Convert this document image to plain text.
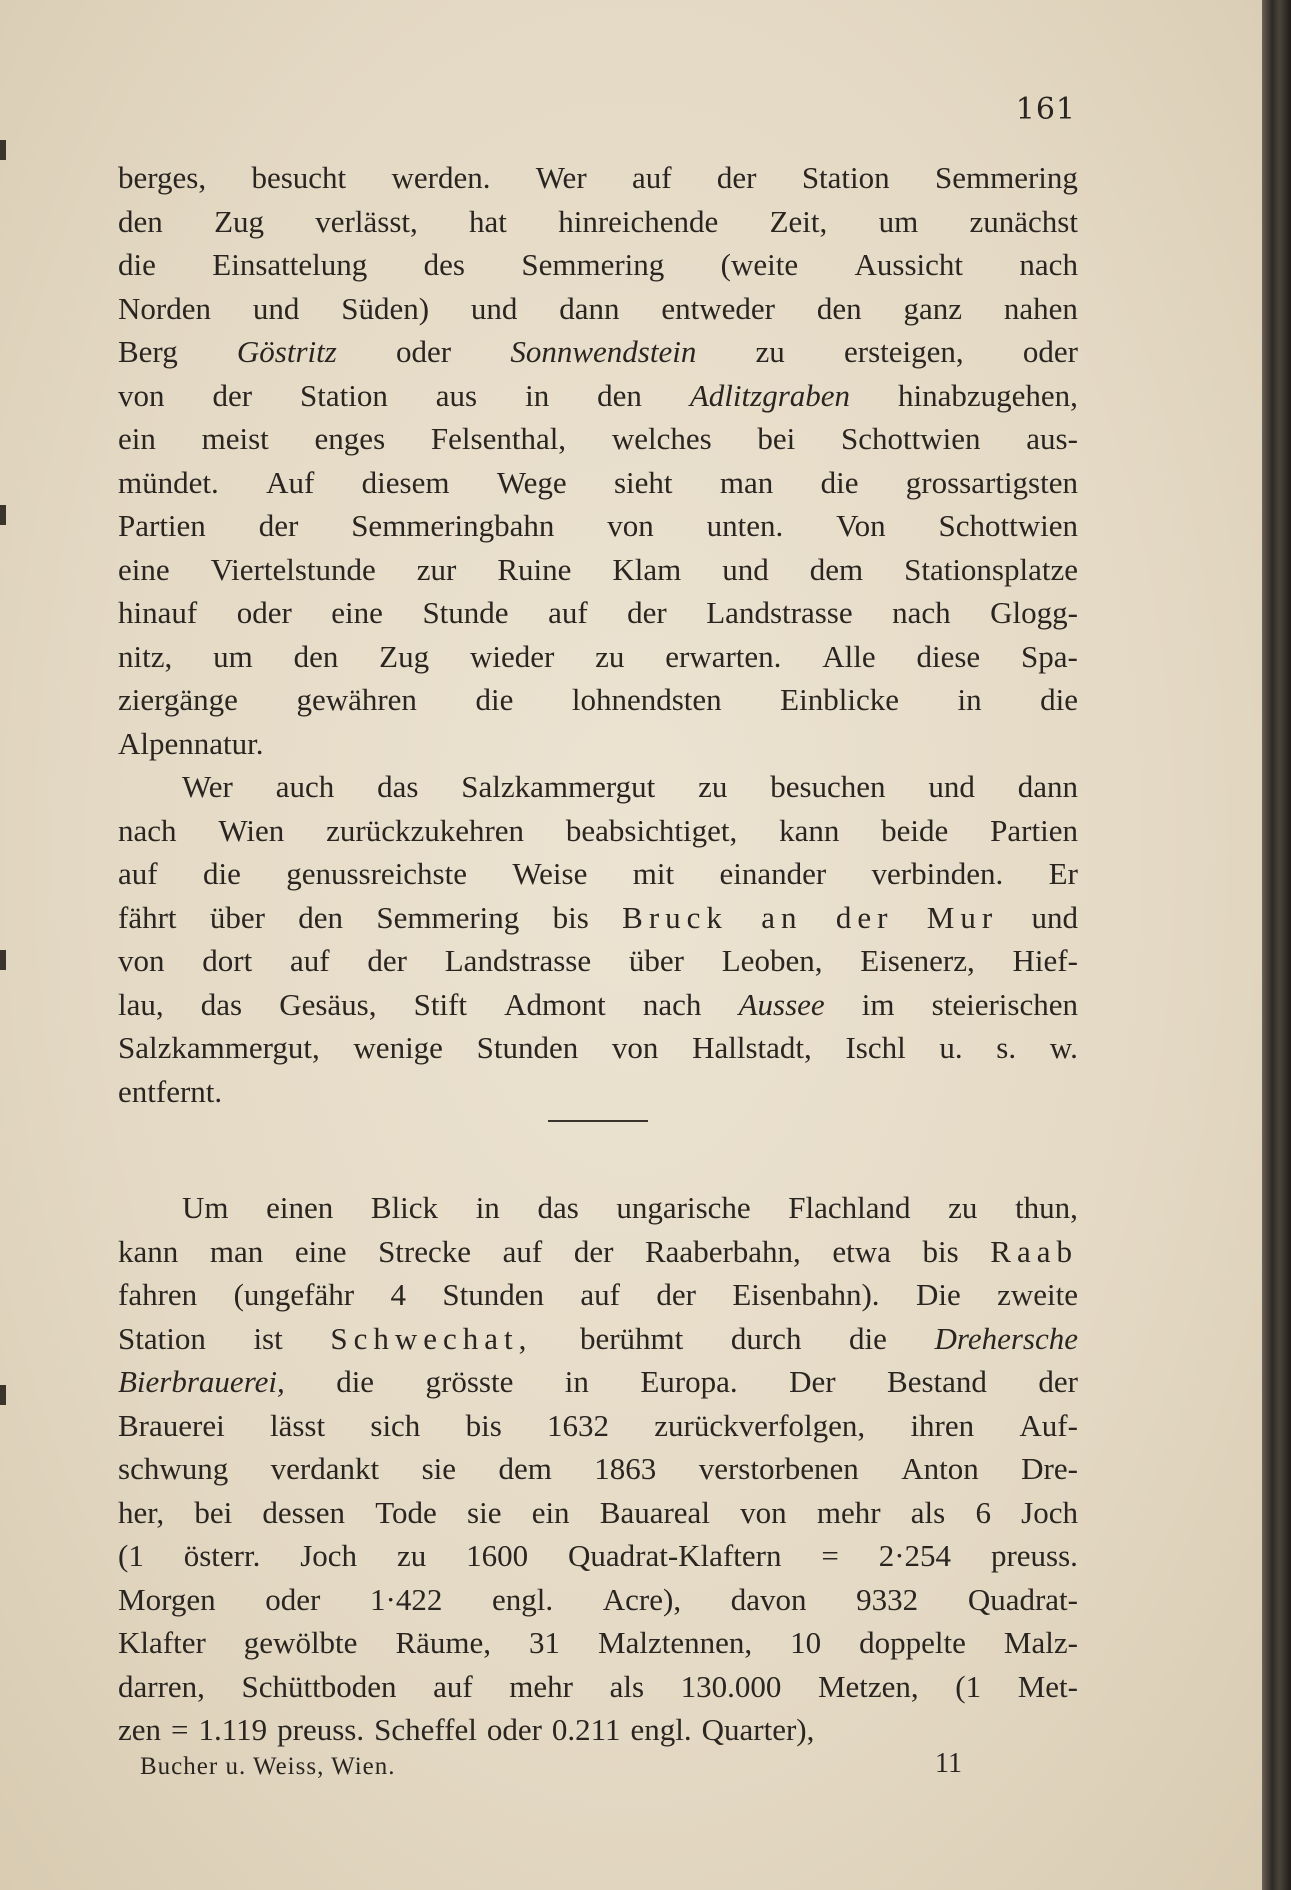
161
berges, besucht werden. Wer auf der Station Semmering
den Zug verlässt, hat hinreichende Zeit, um zunächst
die Einsattelung des Semmering (weite Aussicht nach
Norden und Süden) und dann entweder den ganz nahen
Berg Göstritz oder Sonnwendstein zu ersteigen, oder
von der Station aus in den Adlitzgraben hinabzugehen,
ein meist enges Felsenthal, welches bei Schottwien aus-
mündet. Auf diesem Wege sieht man die grossartigsten
Partien der Semmeringbahn von unten. Von Schottwien
eine Viertelstunde zur Ruine Klam und dem Stationsplatze
hinauf oder eine Stunde auf der Landstrasse nach Glogg-
nitz, um den Zug wieder zu erwarten. Alle diese Spa-
ziergänge gewähren die lohnendsten Einblicke in die
Alpennatur.
Wer auch das Salzkammergut zu besuchen und dann
nach Wien zurückzukehren beabsichtiget, kann beide Partien
auf die genussreichste Weise mit einander verbinden. Er
fährt über den Semmering bis Bruck an der Mur und
von dort auf der Landstrasse über Leoben, Eisenerz, Hief-
lau, das Gesäus, Stift Admont nach Aussee im steierischen
Salzkammergut, wenige Stunden von Hallstadt, Ischl u. s. w.
entfernt.
Um einen Blick in das ungarische Flachland zu thun,
kann man eine Strecke auf der Raaberbahn, etwa bis Raab
fahren (ungefähr 4 Stunden auf der Eisenbahn). Die zweite
Station ist Schwechat, berühmt durch die Drehersche
Bierbrauerei, die grösste in Europa. Der Bestand der
Brauerei lässt sich bis 1632 zurückverfolgen, ihren Auf-
schwung verdankt sie dem 1863 verstorbenen Anton Dre-
her, bei dessen Tode sie ein Bauareal von mehr als 6 Joch
(1 österr. Joch zu 1600 Quadrat-Klaftern = 2·254 preuss.
Morgen oder 1·422 engl. Acre), davon 9332 Quadrat-
Klafter gewölbte Räume, 31 Malztennen, 10 doppelte Malz-
darren, Schüttboden auf mehr als 130.000 Metzen, (1 Met-
zen = 1.119 preuss. Scheffel oder 0.211 engl. Quarter),
Bucher u. Weiss, Wien.	11
